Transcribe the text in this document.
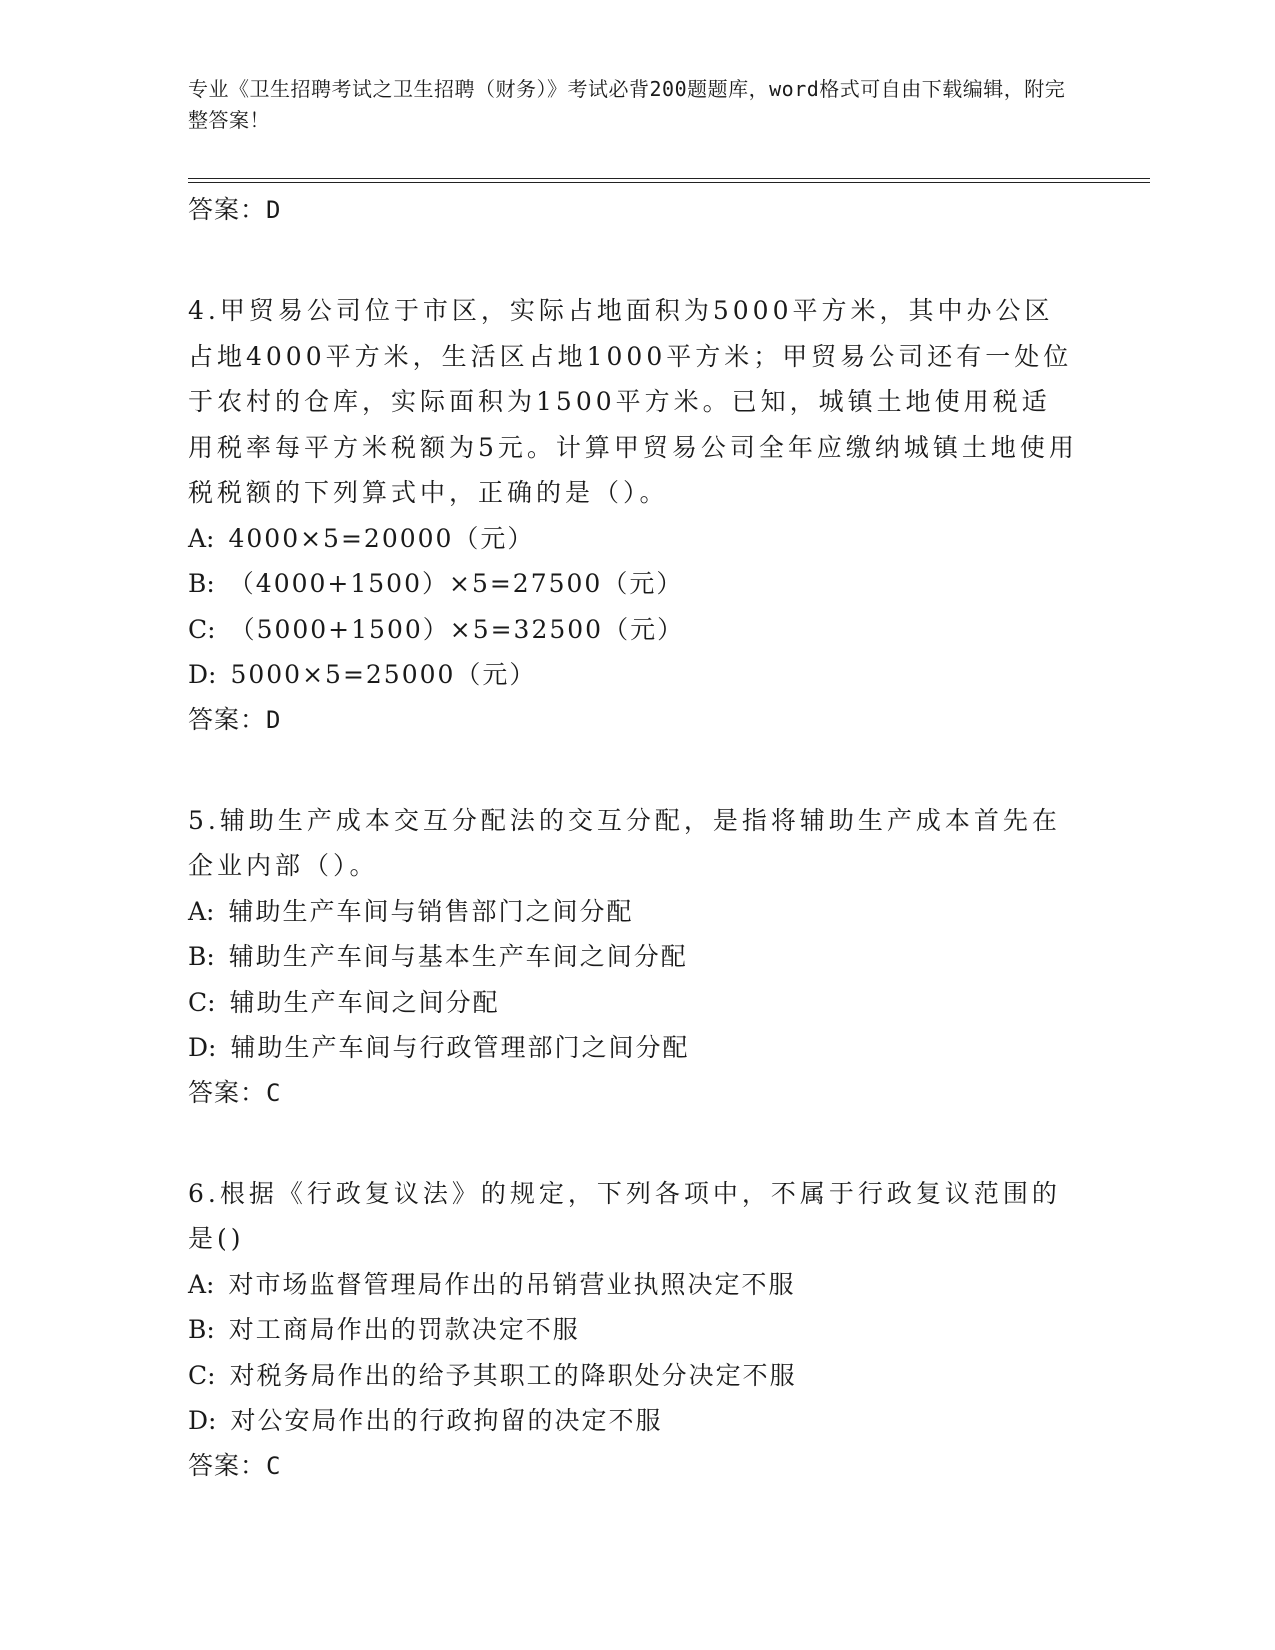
专业《卫生招聘考试之卫生招聘（财务）》考试必背200题题库，word格式可自由下载编辑，附完整答案！

答案：D

4.甲贸易公司位于市区，实际占地面积为5000平方米，其中办公区占地4000平方米，生活区占地1000平方米；甲贸易公司还有一处位于农村的仓库，实际面积为1500平方米。已知，城镇土地使用税适用税率每平方米税额为5元。计算甲贸易公司全年应缴纳城镇土地使用税税额的下列算式中，正确的是（）。

A: 4000×5=20000（元）

B: （4000+1500）×5=27500（元）

C: （5000+1500）×5=32500（元）

D: 5000×5=25000（元）

答案：D

5.辅助生产成本交互分配法的交互分配，是指将辅助生产成本首先在企业内部（）。

A: 辅助生产车间与销售部门之间分配

B: 辅助生产车间与基本生产车间之间分配

C: 辅助生产车间之间分配

D: 辅助生产车间与行政管理部门之间分配

答案：C

6.根据《行政复议法》的规定，下列各项中，不属于行政复议范围的是()

A: 对市场监督管理局作出的吊销营业执照决定不服

B: 对工商局作出的罚款决定不服

C: 对税务局作出的给予其职工的降职处分决定不服

D: 对公安局作出的行政拘留的决定不服

答案：C
